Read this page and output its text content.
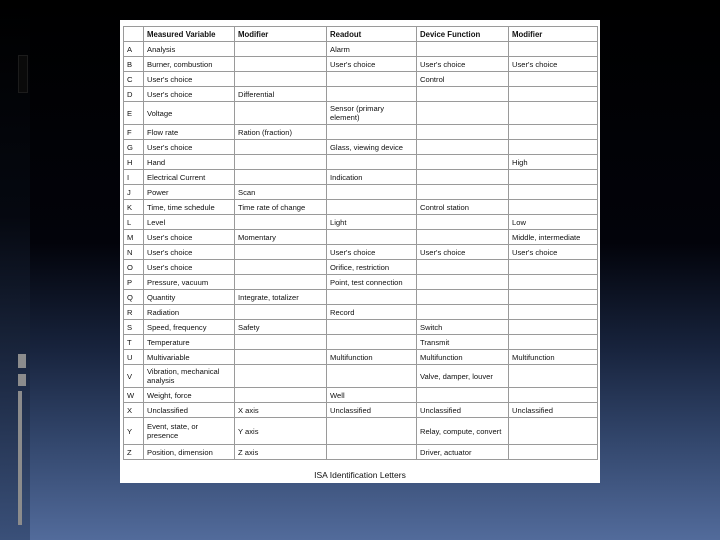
	Measured Variable	Modifier	Readout	Device Function	Modifier
A	Analysis		Alarm		
B	Burner, combustion		User's choice	User's choice	User's choice
C	User's choice			Control	
D	User's choice	Differential			
E	Voltage		Sensor (primary element)		
F	Flow rate	Ration (fraction)			
G	User's choice		Glass, viewing device		
H	Hand				High
I	Electrical Current		Indication		
J	Power	Scan			
K	Time, time schedule	Time rate of change		Control station	
L	Level		Light		Low
M	User's choice	Momentary			Middle, intermediate
N	User's choice		User's choice	User's choice	User's choice
O	User's choice		Orifice, restriction		
P	Pressure, vacuum		Point, test connection		
Q	Quantity	Integrate, totalizer			
R	Radiation		Record		
S	Speed, frequency	Safety		Switch	
T	Temperature			Transmit	
U	Multivariable		Multifunction	Multifunction	Multifunction
V	Vibration, mechanical analysis			Valve, damper, louver	
W	Weight, force		Well		
X	Unclassified	X axis	Unclassified	Unclassified	Unclassified
Y	Event, state, or presence	Y axis		Relay, compute, convert	
Z	Position, dimension	Z axis		Driver, actuator	
ISA Identification Letters
